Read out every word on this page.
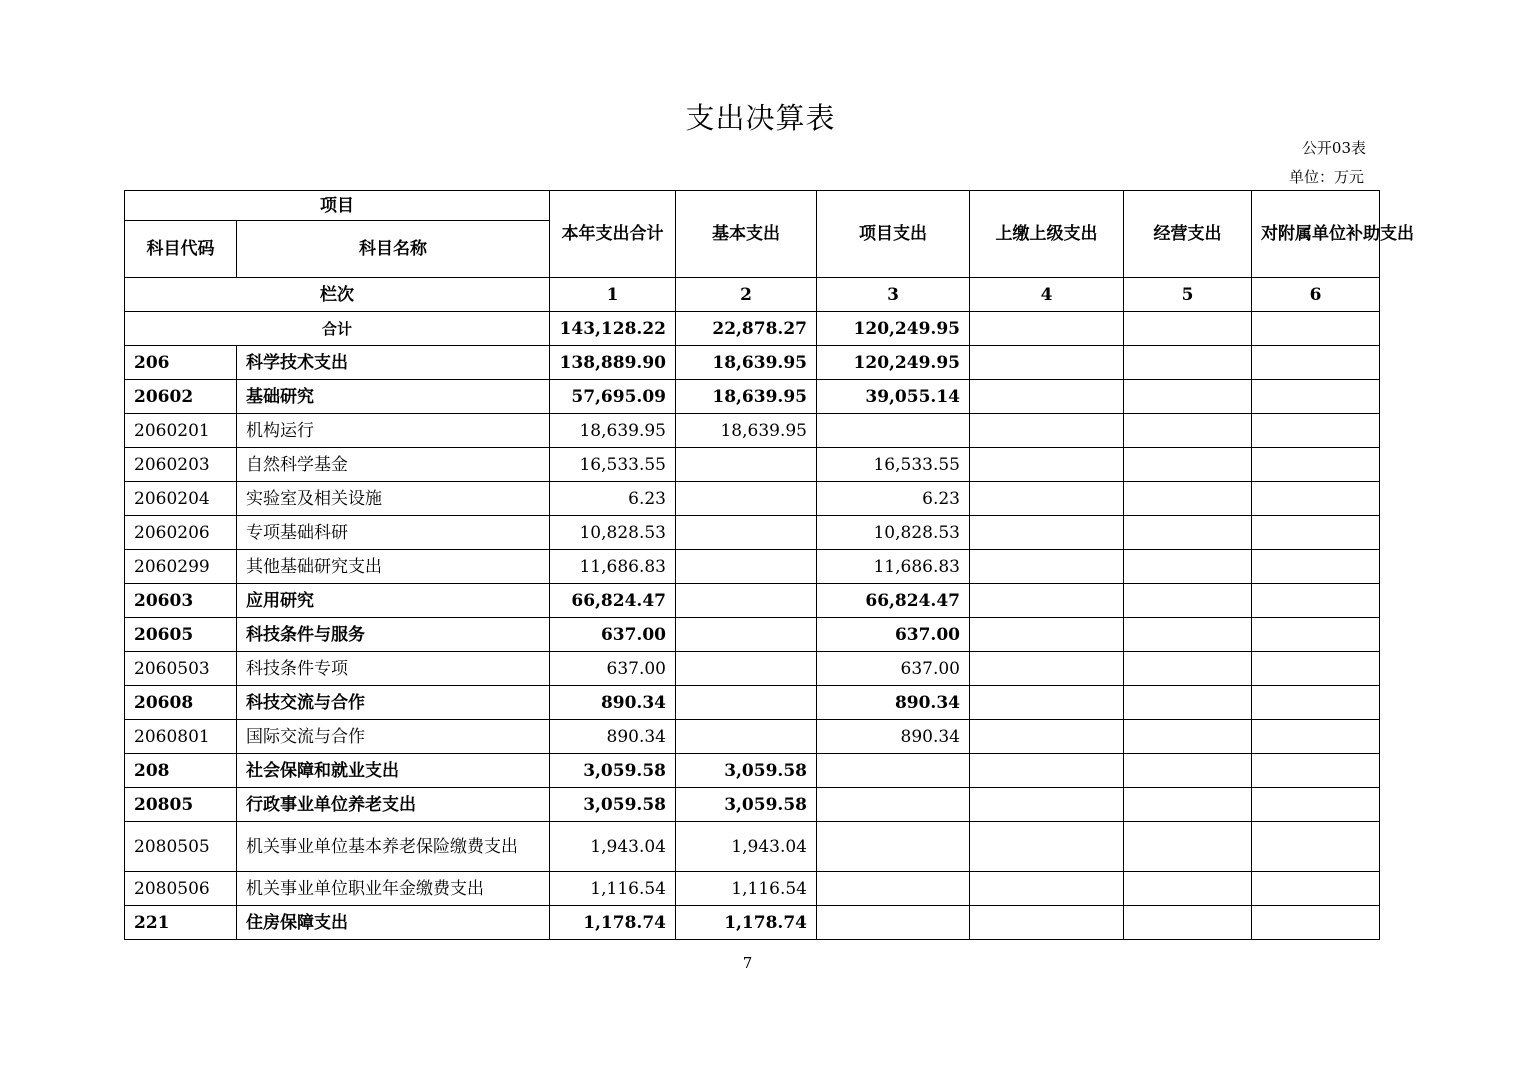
支出决算表
公开03表
单位：万元
项目		本年支出合计	基本支出	项目支出	上缴上级支出	经营支出	对附属单位补助支出
科目代码	科目名称						
栏次		1	2	3	4	5	6
合计		143,128.22	22,878.27	120,249.95			
206	科学技术支出	138,889.90	18,639.95	120,249.95			
20602	基础研究	57,695.09	18,639.95	39,055.14			
2060201	机构运行	18,639.95	18,639.95				
2060203	自然科学基金	16,533.55		16,533.55			
2060204	实验室及相关设施	6.23		6.23			
2060206	专项基础科研	10,828.53		10,828.53			
2060299	其他基础研究支出	11,686.83		11,686.83			
20603	应用研究	66,824.47		66,824.47			
20605	科技条件与服务	637.00		637.00			
2060503	科技条件专项	637.00		637.00			
20608	科技交流与合作	890.34		890.34			
2060801	国际交流与合作	890.34		890.34			
208	社会保障和就业支出	3,059.58	3,059.58				
20805	行政事业单位养老支出	3,059.58	3,059.58				
2080505	机关事业单位基本养老保险缴费支出	1,943.04	1,943.04				
2080506	机关事业单位职业年金缴费支出	1,116.54	1,116.54				
221	住房保障支出	1,178.74	1,178.74				
7
